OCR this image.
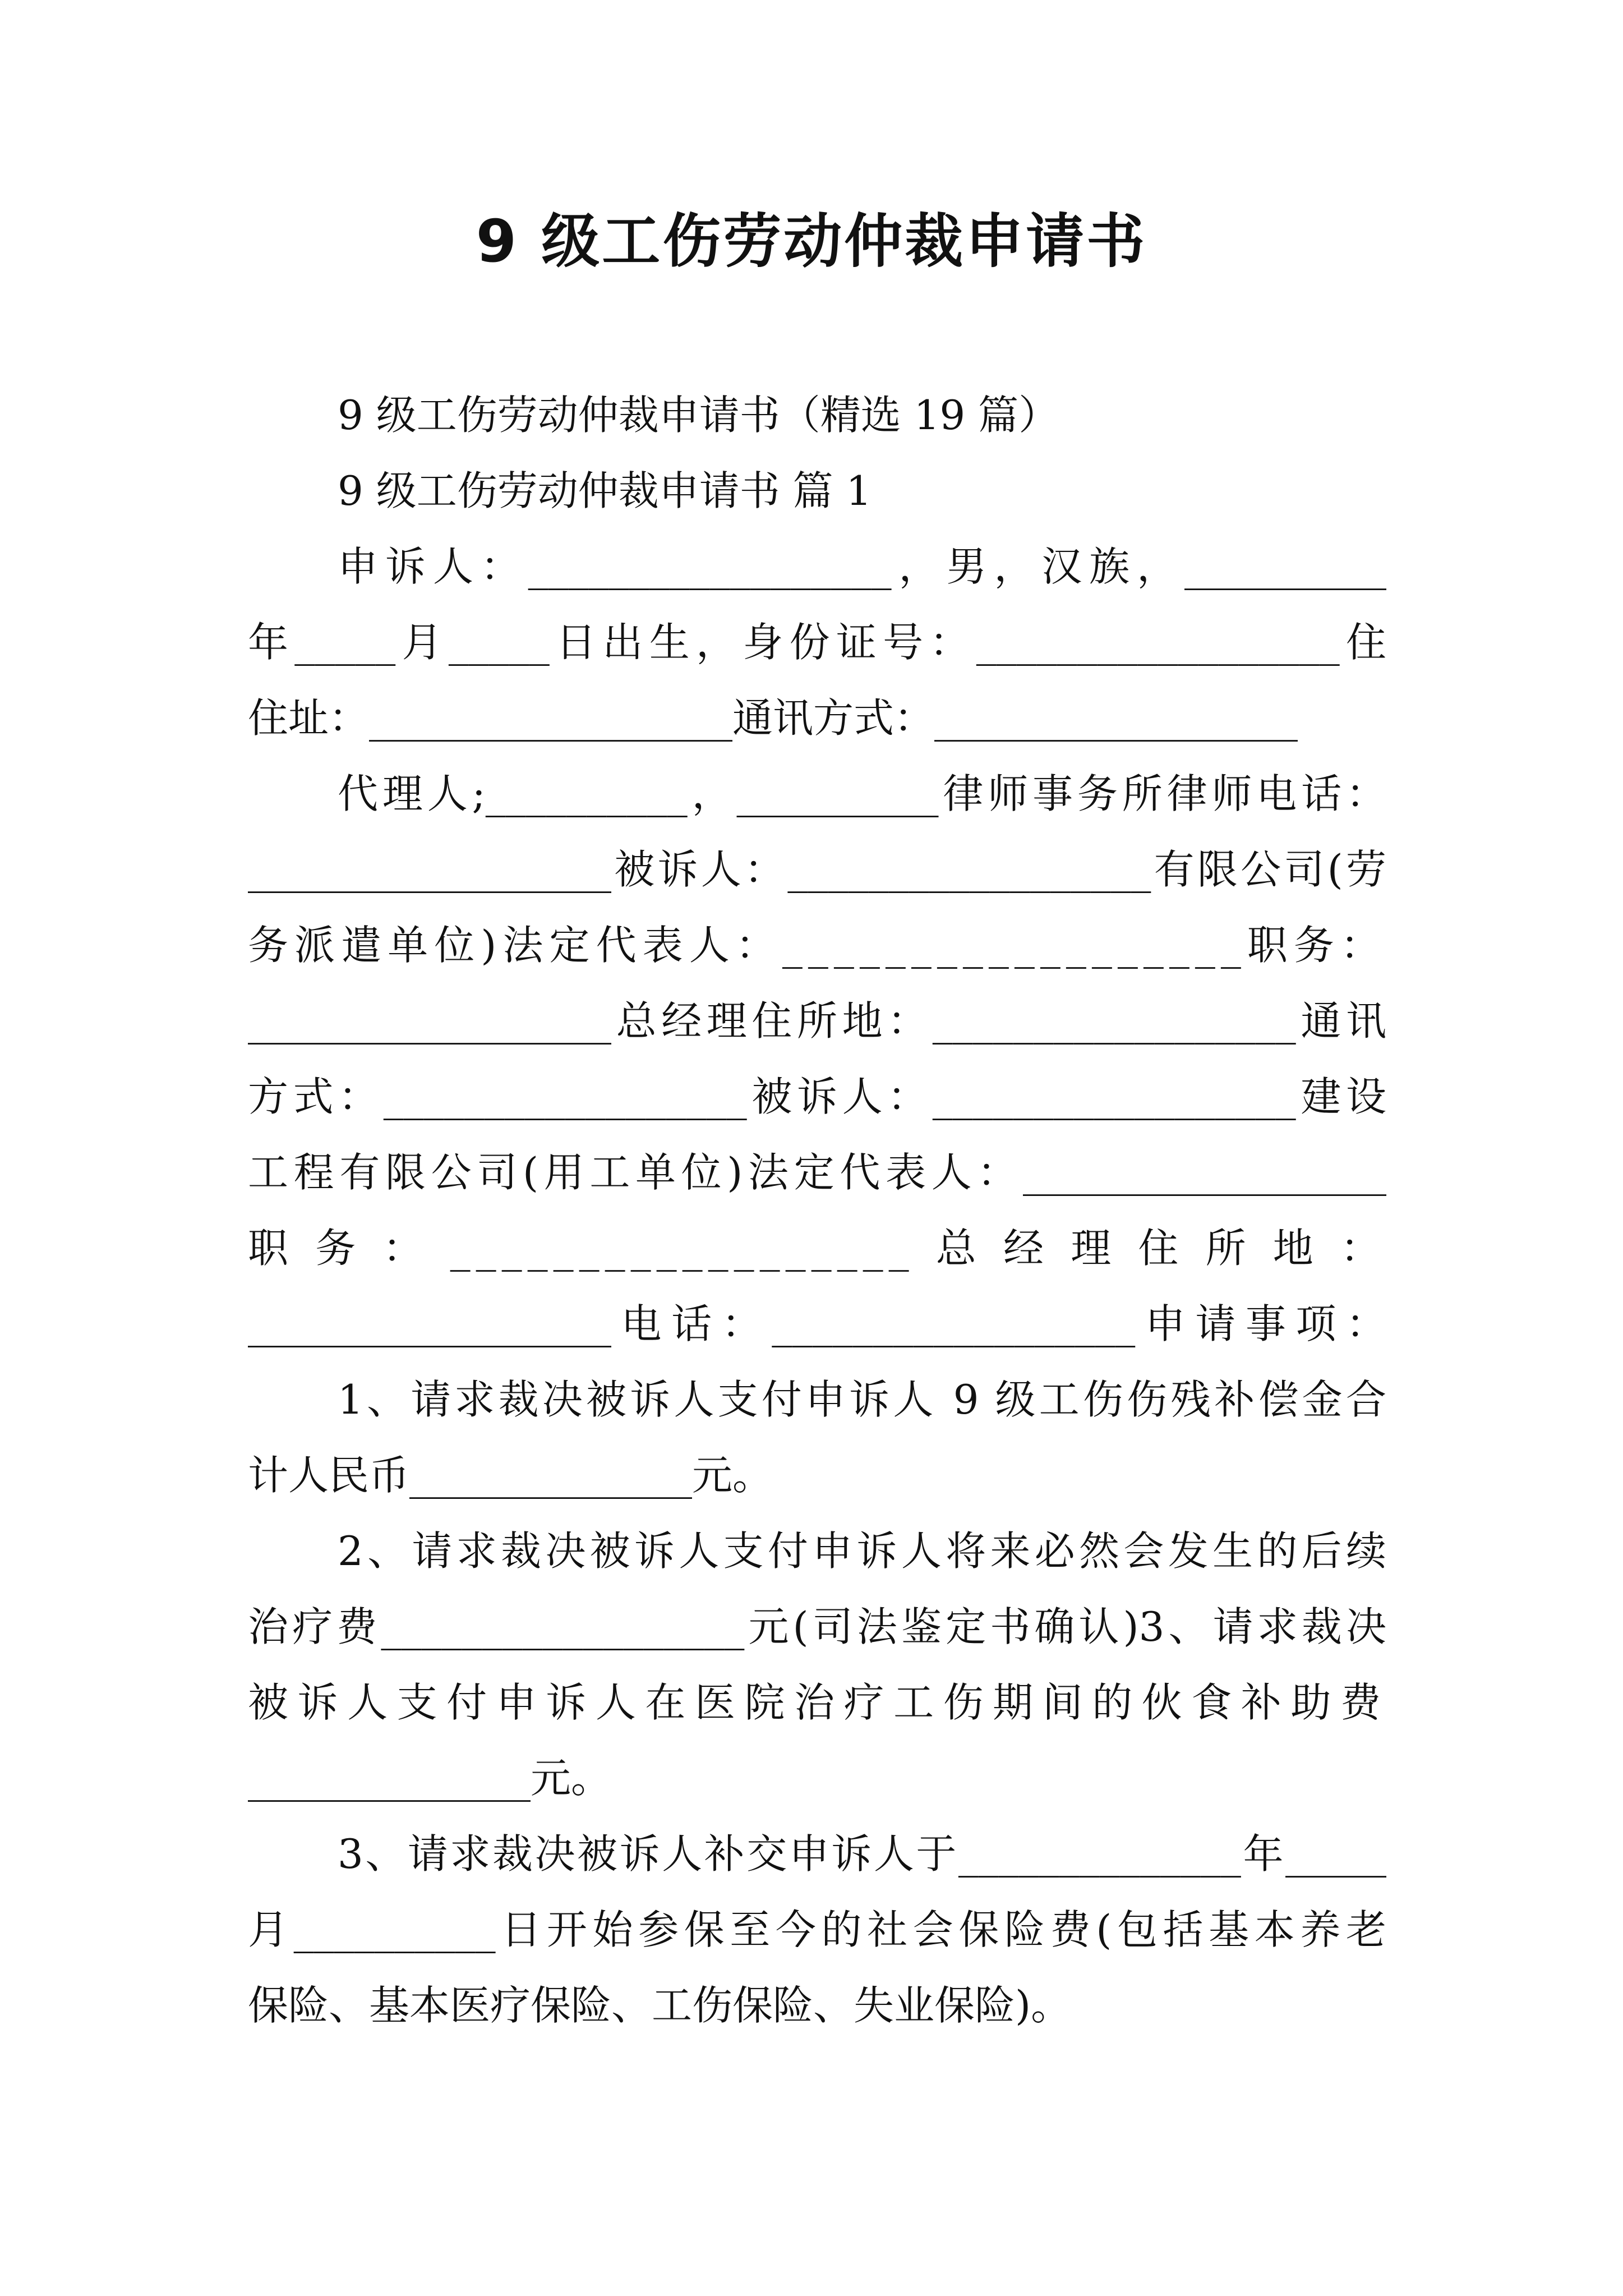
9 级工伤劳动仲裁申请书
9 级工伤劳动仲裁申请书（精选 19 篇）
9 级工伤劳动仲裁申请书 篇 1
申诉人：__________________，男，汉族，__________
年_____月_____日出生，身份证号：__________________住
住址：__________________通讯方式：__________________
代理人;__________，__________律师事务所律师电话：
__________________被诉人：__________________有限公司(劳
务派遣单位)法定代表人：__________________职务：
__________________总经理住所地：__________________通讯
方式：__________________被诉人：__________________建设
工程有限公司(用工单位)法定代表人：__________________
职务：__________________总经理住所地：
__________________电话：__________________申请事项：
1、请求裁决被诉人支付申诉人 9 级工伤伤残补偿金合
计人民币______________元。
2、请求裁决被诉人支付申诉人将来必然会发生的后续
治疗费__________________元(司法鉴定书确认)3、请求裁决
被诉人支付申诉人在医院治疗工伤期间的伙食补助费
______________元。
3、请求裁决被诉人补交申诉人于______________年_____
月__________日开始参保至今的社会保险费(包括基本养老
保险、基本医疗保险、工伤保险、失业保险)。
